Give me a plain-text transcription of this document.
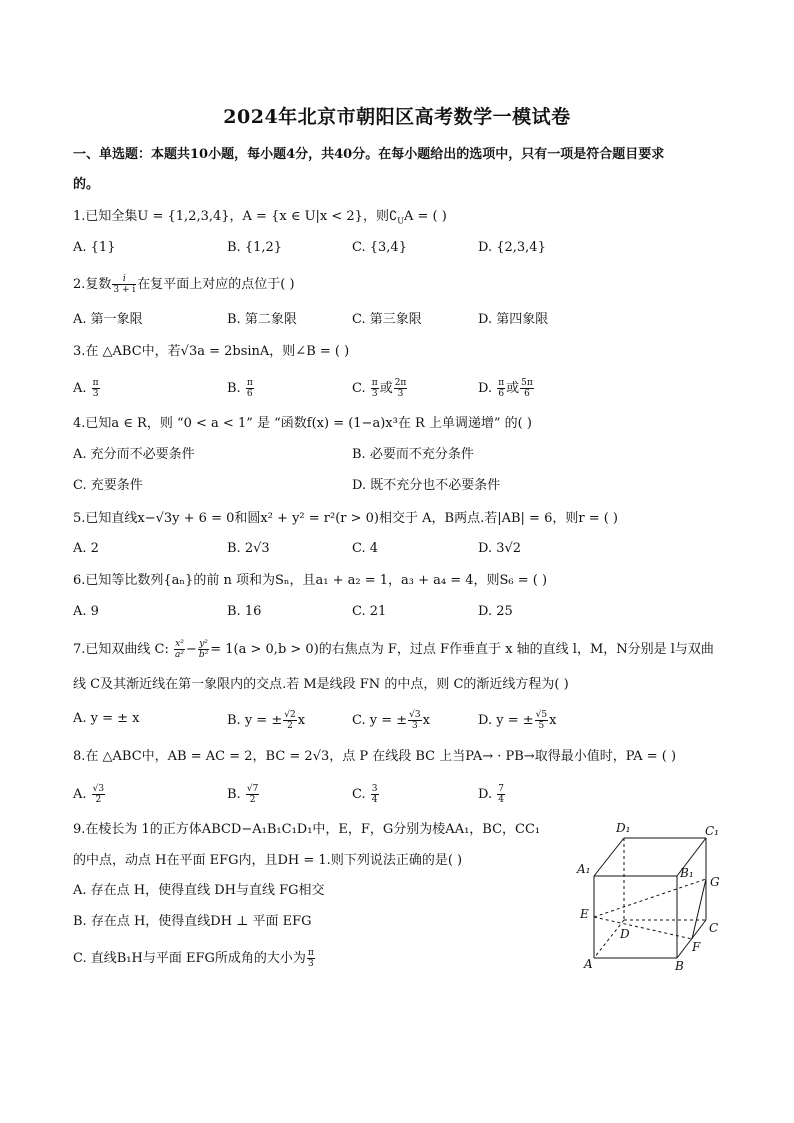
2024年北京市朝阳区高考数学一模试卷
一、单选题：本题共10小题，每小题4分，共40分。在每小题给出的选项中，只有一项是符合题目要求
的。
1.已知全集U = {1,2,3,4}，A = {x ∈ U|x < 2}，则$∁_UA$ = ( )
A. {1}	B. {1,2}	C. {3,4}	D. {2,3,4}
2.复数 $\frac{i}{3 + i}$ 在复平面上对应的点位于( )
A. 第一象限	B. 第二象限	C. 第三象限	D. 第四象限
3.在 △ABC中，若√3a = 2bsinA，则∠B = ( )
A. $\frac{\pi}{3}$	B. $\frac{\pi}{6}$	C. $\frac{\pi}{3}$ 或 $\frac{2\pi}{3}$	D. $\frac{\pi}{6}$ 或 $\frac{5\pi}{6}$
4.已知a ∈ R，则 “0 < a < 1” 是 “函数f(x) = (1−a)x³在 R 上单调递增” 的( )
A. 充分而不必要条件	B. 必要而不充分条件
C. 充要条件	D. 既不充分也不必要条件
5.已知直线x−√3y + 6 = 0和圆x² + y² = r²(r > 0)相交于 A，B两点.若|AB| = 6，则r = ( )
A. 2	B. 2√3	C. 4	D. 3√2
6.已知等比数列{aₙ}的前 n 项和为Sₙ，且a₁ + a₂ = 1，a₃ + a₄ = 4，则S₆ = ( )
A. 9	B. 16	C. 21	D. 25
7.已知双曲线 C: $\frac{\text{x²}}{\text{a²}} - \frac{\text{y²}}{\text{b²}} = 1(a > 0,b > 0)$的右焦点为 F，过点 F作垂直于 x 轴的直线 l，M，N分别是 l与双曲
线 C及其渐近线在第一象限内的交点.若 M是线段 FN 的中点，则 C的渐近线方程为( )
A. y = ± x	B. y = ± $\frac{√2}{2}$ x	C. y = ± $\frac{√3}{3}$ x	D. y = ± $\frac{√5}{5}$ x
8.在 △ABC中，AB = AC = 2，BC = 2√3，点 P 在线段 BC 上当PA→ · PB→取得最小值时，PA = ( )
A. $\frac{√3}{2}$	B. $\frac{√7}{2}$	C. $\frac{3}{4}$	D. $\frac{7}{4}$
9.在棱长为 1的正方体ABCD−A₁B₁C₁D₁中，E，F，G分别为棱AA₁，BC，CC₁
的中点，动点 H在平面 EFG内，且DH = 1.则下列说法正确的是( )
A. 存在点 H，使得直线 DH与直线 FG相交
B. 存在点 H，使得直线DH ⊥ 平面 EFG
C. 直线B₁H与平面 EFG所成角的大小为 $\frac{\pi}{3}$
D₁	C₁
A₁	B₁
G
E
D	C
F
A	B
